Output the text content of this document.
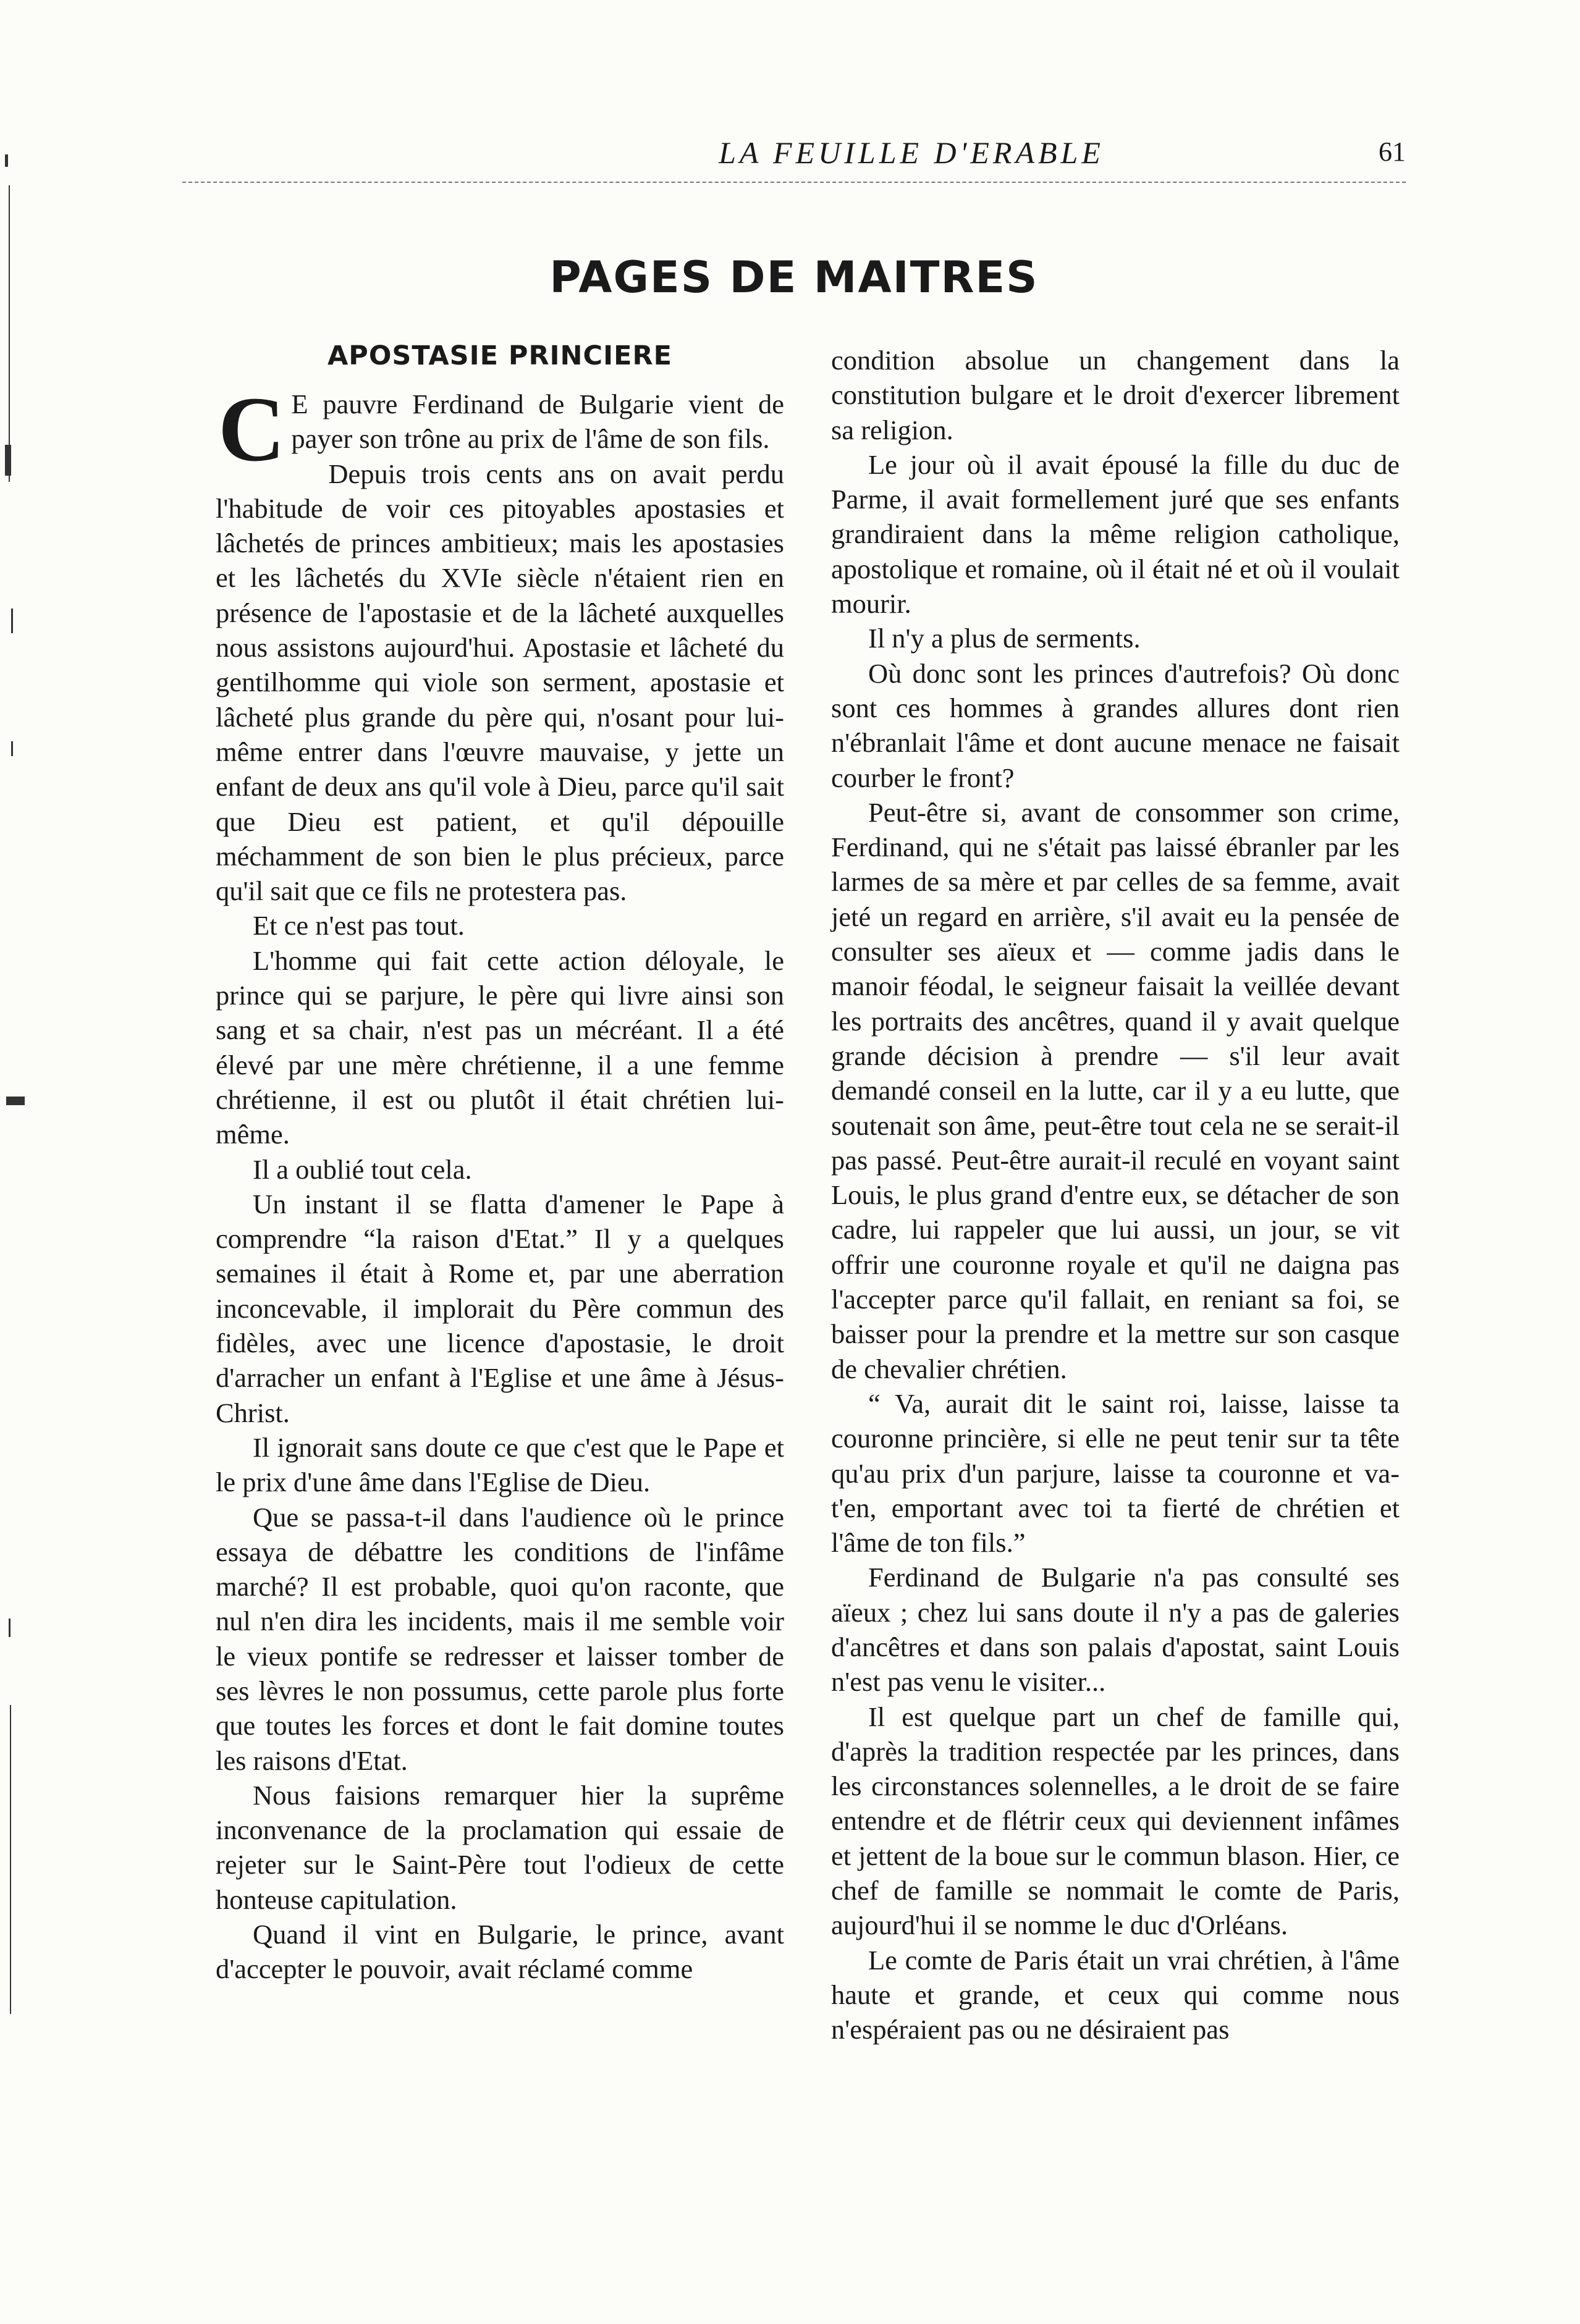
LA FEUILLE D'ERABLE	61
PAGES DE MAITRES
APOSTASIE PRINCIERE

C E pauvre Ferdinand de Bulgarie vient de payer son trône au prix de l'âme de son fils.

Depuis trois cents ans on avait perdu l'habitude de voir ces pitoyables apostasies et lâchetés de princes ambitieux; mais les apostasies et les lâchetés du XVIe siècle n'étaient rien en présence de l'apostasie et de la lâcheté auxquelles nous assistons aujourd'hui. Apostasie et lâcheté du gentilhomme qui viole son serment, apostasie et lâcheté plus grande du père qui, n'osant pour lui-même entrer dans l'œuvre mauvaise, y jette un enfant de deux ans qu'il vole à Dieu, parce qu'il sait que Dieu est patient, et qu'il dépouille méchamment de son bien le plus précieux, parce qu'il sait que ce fils ne protestera pas.

Et ce n'est pas tout.

L'homme qui fait cette action déloyale, le prince qui se parjure, le père qui livre ainsi son sang et sa chair, n'est pas un mécréant. Il a été élevé par une mère chrétienne, il a une femme chrétienne, il est ou plutôt il était chrétien lui-même.

Il a oublié tout cela.

Un instant il se flatta d'amener le Pape à comprendre “la raison d'Etat.” Il y a quelques semaines il était à Rome et, par une aberration inconcevable, il implorait du Père commun des fidèles, avec une licence d'apostasie, le droit d'arracher un enfant à l'Eglise et une âme à Jésus-Christ.

Il ignorait sans doute ce que c'est que le Pape et le prix d'une âme dans l'Eglise de Dieu.

Que se passa-t-il dans l'audience où le prince essaya de débattre les conditions de l'infâme marché? Il est probable, quoi qu'on raconte, que nul n'en dira les incidents, mais il me semble voir le vieux pontife se redresser et laisser tomber de ses lèvres le non possumus, cette parole plus forte que toutes les forces et dont le fait domine toutes les raisons d'Etat.

Nous faisions remarquer hier la suprême inconvenance de la proclamation qui essaie de rejeter sur le Saint-Père tout l'odieux de cette honteuse capitulation.

Quand il vint en Bulgarie, le prince, avant d'accepter le pouvoir, avait réclamé comme

condition absolue un changement dans la constitution bulgare et le droit d'exercer librement sa religion.

Le jour où il avait épousé la fille du duc de Parme, il avait formellement juré que ses enfants grandiraient dans la même religion catholique, apostolique et romaine, où il était né et où il voulait mourir.

Il n'y a plus de serments.

Où donc sont les princes d'autrefois? Où donc sont ces hommes à grandes allures dont rien n'ébranlait l'âme et dont aucune menace ne faisait courber le front?

Peut-être si, avant de consommer son crime, Ferdinand, qui ne s'était pas laissé ébranler par les larmes de sa mère et par celles de sa femme, avait jeté un regard en arrière, s'il avait eu la pensée de consulter ses aïeux et — comme jadis dans le manoir féodal, le seigneur faisait la veillée devant les portraits des ancêtres, quand il y avait quelque grande décision à prendre — s'il leur avait demandé conseil en la lutte, car il y a eu lutte, que soutenait son âme, peut-être tout cela ne se serait-il pas passé. Peut-être aurait-il reculé en voyant saint Louis, le plus grand d'entre eux, se détacher de son cadre, lui rappeler que lui aussi, un jour, se vit offrir une couronne royale et qu'il ne daigna pas l'accepter parce qu'il fallait, en reniant sa foi, se baisser pour la prendre et la mettre sur son casque de chevalier chrétien.

“ Va, aurait dit le saint roi, laisse, laisse ta couronne princière, si elle ne peut tenir sur ta tête qu'au prix d'un parjure, laisse ta couronne et va-t'en, emportant avec toi ta fierté de chrétien et l'âme de ton fils.”

Ferdinand de Bulgarie n'a pas consulté ses aïeux ; chez lui sans doute il n'y a pas de galeries d'ancêtres et dans son palais d'apostat, saint Louis n'est pas venu le visiter...

Il est quelque part un chef de famille qui, d'après la tradition respectée par les princes, dans les circonstances solennelles, a le droit de se faire entendre et de flétrir ceux qui deviennent infâmes et jettent de la boue sur le commun blason. Hier, ce chef de famille se nommait le comte de Paris, aujourd'hui il se nomme le duc d'Orléans.

Le comte de Paris était un vrai chrétien, à l'âme haute et grande, et ceux qui comme nous n'espéraient pas ou ne désiraient pas
